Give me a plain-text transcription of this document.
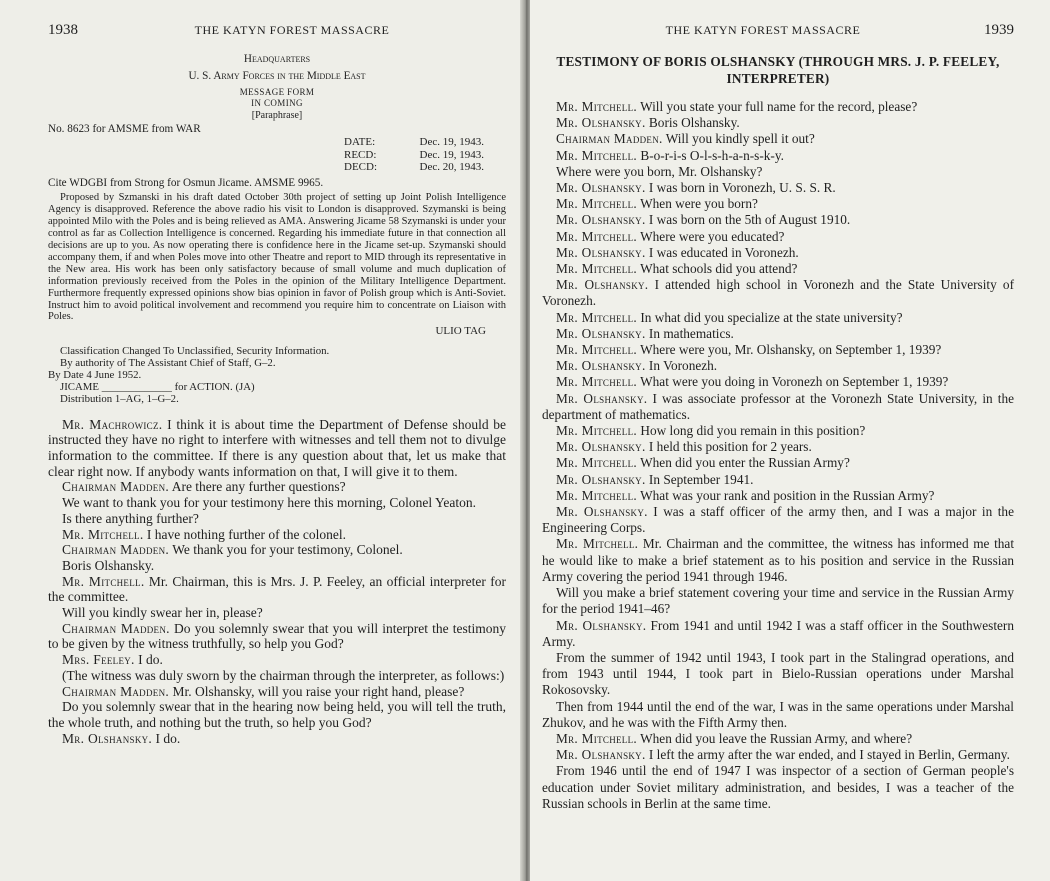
1938	THE KATYN FOREST MASSACRE
Headquarters
U. S. Army Forces in the Middle East
MESSAGE FORM
IN COMING
[Paraphrase]
No. 8623 for AMSME from WAR
DATE:	Dec. 19, 1943.
RECD:	Dec. 19, 1943.
DECD:	Dec. 20, 1943.
Cite WDGBI from Strong for Osmun Jicame. AMSME 9965.

Proposed by Szmanski in his draft dated October 30th project of setting up Joint Polish Intelligence Agency is disapproved. Reference the above radio his visit to London is disapproved. Szymanski is being appointed Milo with the Poles and is being relieved as AMA. Answering Jicame 58 Szymanski is under your control as far as Collection Intelligence is concerned. Regarding his immediate future in that connection all decisions are up to you. As now operating there is confidence here in the Jicame set-up. Szymanski should accompany them, if and when Poles move into other Theatre and report to MID through its representative in the New area. His work has been only satisfactory because of small volume and much duplication of information previously received from the Poles in the opinion of the Military Intelligence Department. Furthermore frequently expressed opinions show bias opinion in favor of Polish group which is Anti-Soviet. Instruct him to avoid political involvement and recommend you require him to concentrate on Liaison with Poles.

ULIO TAG
Classification Changed To Unclassified, Security Information.
By authority of The Assistant Chief of Staff, G–2.
By Date 4 June 1952.
JICAME _____________ for ACTION. (JA)
Distribution 1–AG, 1–G–2.

Mr. Machrowicz. I think it is about time the Department of Defense should be instructed they have no right to interfere with witnesses and tell them not to divulge information to the committee. If there is any question about that, let us make that clear right now. If anybody wants information on that, I will give it to them.

Chairman Madden. Are there any further questions?

We want to thank you for your testimony here this morning, Colonel Yeaton.

Is there anything further?

Mr. Mitchell. I have nothing further of the colonel.

Chairman Madden. We thank you for your testimony, Colonel.

Boris Olshansky.

Mr. Mitchell. Mr. Chairman, this is Mrs. J. P. Feeley, an official interpreter for the committee.

Will you kindly swear her in, please?

Chairman Madden. Do you solemnly swear that you will interpret the testimony to be given by the witness truthfully, so help you God?

Mrs. Feeley. I do.

(The witness was duly sworn by the chairman through the interpreter, as follows:)

Chairman Madden. Mr. Olshansky, will you raise your right hand, please?

Do you solemnly swear that in the hearing now being held, you will tell the truth, the whole truth, and nothing but the truth, so help you God?

Mr. Olshansky. I do.

THE KATYN FOREST MASSACRE	1939
TESTIMONY OF BORIS OLSHANSKY (THROUGH MRS. J. P. FEELEY, INTERPRETER)

Mr. Mitchell. Will you state your full name for the record, please?

Mr. Olshansky. Boris Olshansky.

Chairman Madden. Will you kindly spell it out?

Mr. Mitchell. B-o-r-i-s O-l-s-h-a-n-s-k-y.

Where were you born, Mr. Olshansky?

Mr. Olshansky. I was born in Voronezh, U. S. S. R.

Mr. Mitchell. When were you born?

Mr. Olshansky. I was born on the 5th of August 1910.

Mr. Mitchell. Where were you educated?

Mr. Olshansky. I was educated in Voronezh.

Mr. Mitchell. What schools did you attend?

Mr. Olshansky. I attended high school in Voronezh and the State University of Voronezh.

Mr. Mitchell. In what did you specialize at the state university?

Mr. Olshansky. In mathematics.

Mr. Mitchell. Where were you, Mr. Olshansky, on September 1, 1939?

Mr. Olshansky. In Voronezh.

Mr. Mitchell. What were you doing in Voronezh on September 1, 1939?

Mr. Olshansky. I was associate professor at the Voronezh State University, in the department of mathematics.

Mr. Mitchell. How long did you remain in this position?

Mr. Olshansky. I held this position for 2 years.

Mr. Mitchell. When did you enter the Russian Army?

Mr. Olshansky. In September 1941.

Mr. Mitchell. What was your rank and position in the Russian Army?

Mr. Olshansky. I was a staff officer of the army then, and I was a major in the Engineering Corps.

Mr. Mitchell. Mr. Chairman and the committee, the witness has informed me that he would like to make a brief statement as to his position and service in the Russian Army covering the period 1941 through 1946.

Will you make a brief statement covering your time and service in the Russian Army for the period 1941–46?

Mr. Olshansky. From 1941 and until 1942 I was a staff officer in the Southwestern Army.

From the summer of 1942 until 1943, I took part in the Stalingrad operations, and from 1943 until 1944, I took part in Bielo-Russian operations under Marshal Rokosovsky.

Then from 1944 until the end of the war, I was in the same operations under Marshal Zhukov, and he was with the Fifth Army then.

Mr. Mitchell. When did you leave the Russian Army, and where?

Mr. Olshansky. I left the army after the war ended, and I stayed in Berlin, Germany.

From 1946 until the end of 1947 I was inspector of a section of German people's education under Soviet military administration, and besides, I was a teacher of the Russian schools in Berlin at the same time.
